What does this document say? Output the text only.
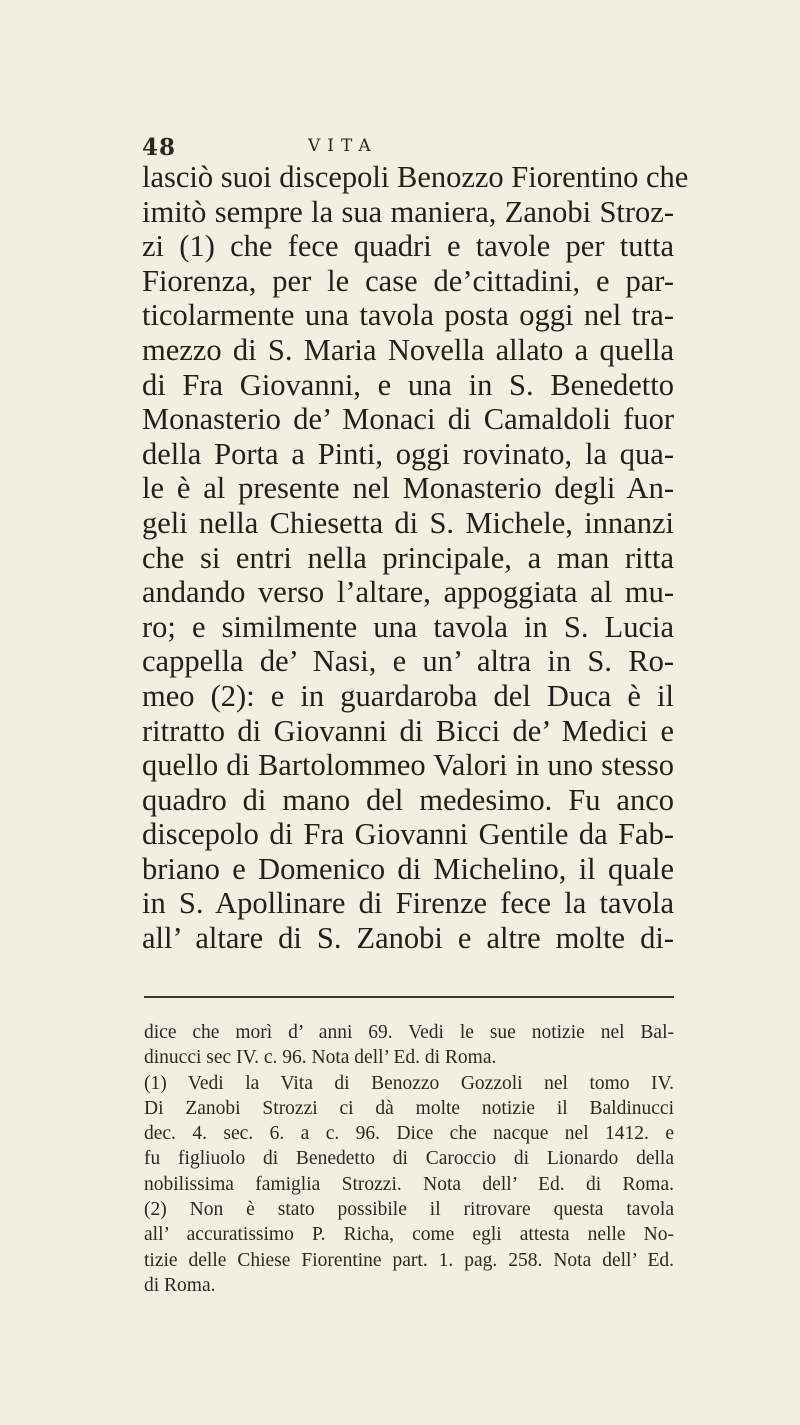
48	VITA
lasciò suoi discepoli Benozzo Fiorentino che
imitò sempre la sua maniera, Zanobi Stroz-
zi (1) che fece quadri e tavole per tutta
Fiorenza, per le case de’cittadini, e par-
ticolarmente una tavola posta oggi nel tra-
mezzo di S. Maria Novella allato a quella
di Fra Giovanni, e una in S. Benedetto
Monasterio de’ Monaci di Camaldoli fuor
della Porta a Pinti, oggi rovinato, la qua-
le è al presente nel Monasterio degli An-
geli nella Chiesetta di S. Michele, innanzi
che si entri nella principale, a man ritta
andando verso l’altare, appoggiata al mu-
ro; e similmente una tavola in S. Lucia
cappella de’ Nasi, e un’ altra in S. Ro-
meo (2): e in guardaroba del Duca è il
ritratto di Giovanni di Bicci de’ Medici e
quello di Bartolommeo Valori in uno stesso
quadro di mano del medesimo. Fu anco
discepolo di Fra Giovanni Gentile da Fab-
briano e Domenico di Michelino, il quale
in S. Apollinare di Firenze fece la tavola
all’ altare di S. Zanobi e altre molte di-
dice che morì d’ anni 69. Vedi le sue notizie nel Bal-
dinucci sec IV. c. 96. Nota dell’ Ed. di Roma.
(1) Vedi la Vita di Benozzo Gozzoli nel tomo IV.
Di Zanobi Strozzi ci dà molte notizie il Baldinucci
dec. 4. sec. 6. a c. 96. Dice che nacque nel 1412. e
fu figliuolo di Benedetto di Caroccio di Lionardo della
nobilissima famiglia Strozzi. Nota dell’ Ed. di Roma.
(2) Non è stato possibile il ritrovare questa tavola
all’ accuratissimo P. Richa, come egli attesta nelle No-
tizie delle Chiese Fiorentine part. 1. pag. 258. Nota dell’ Ed.
di Roma.
